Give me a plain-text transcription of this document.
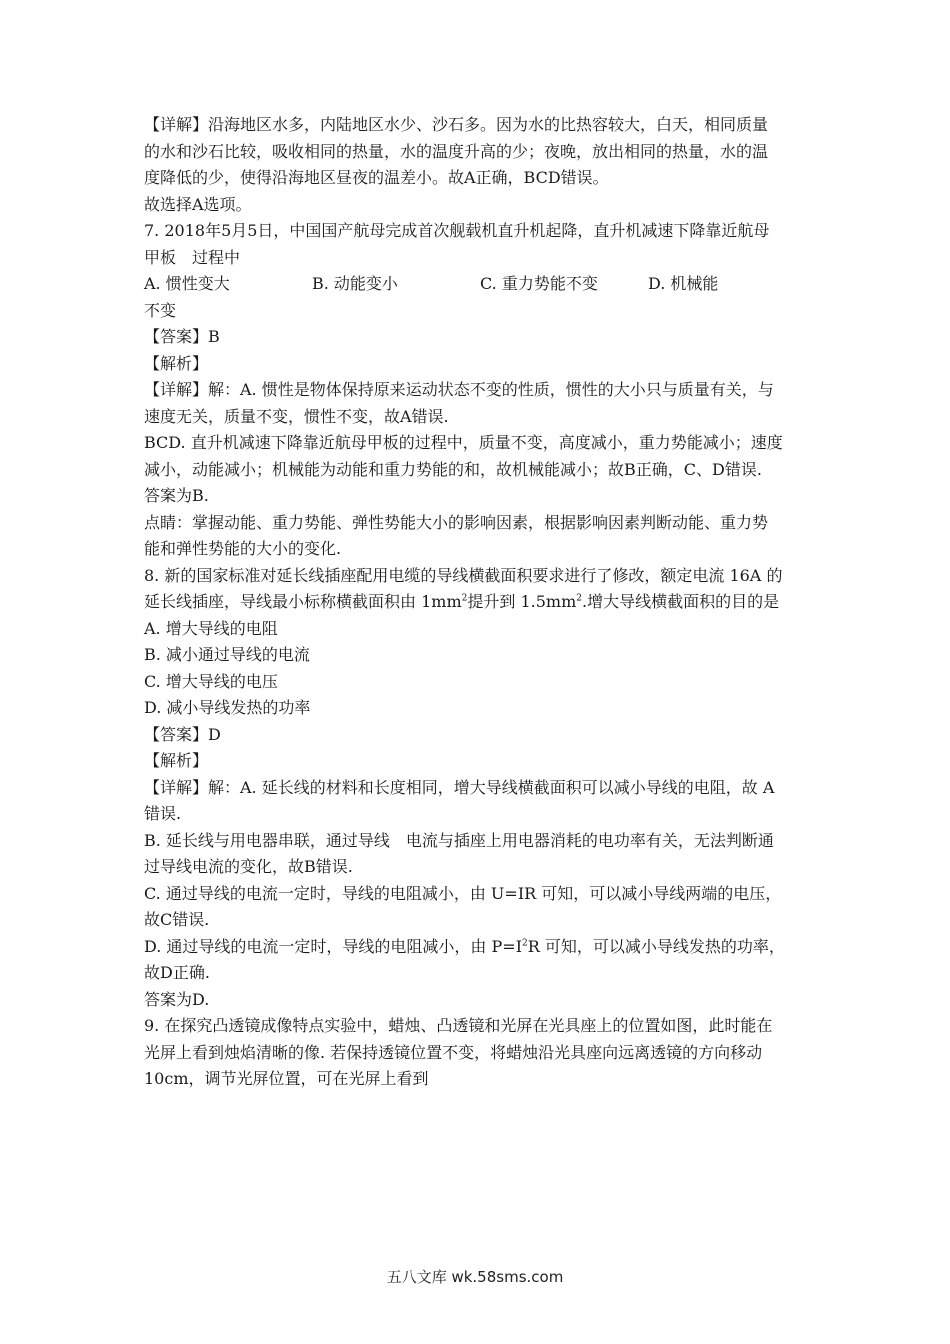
【详解】沿海地区水多，内陆地区水少、沙石多。因为水的比热容较大，白天，相同质量
的水和沙石比较，吸收相同的热量，水的温度升高的少；夜晚，放出相同的热量，水的温
度降低的少，使得沿海地区昼夜的温差小。故A正确，BCD错误。
故选择A选项。
7. 2018年5月5日，中国国产航母完成首次舰载机直升机起降，直升机减速下降靠近航母
甲板　过程中
A. 惯性变大	B. 动能变小	C. 重力势能不变	D. 机械能
不变
【答案】B
【解析】
【详解】解：A. 惯性是物体保持原来运动状态不变的性质，惯性的大小只与质量有关，与
速度无关，质量不变，惯性不变，故A错误.
BCD. 直升机减速下降靠近航母甲板的过程中，质量不变，高度减小，重力势能减小；速度
减小，动能减小；机械能为动能和重力势能的和，故机械能减小；故B正确，C、D错误.
答案为B.
点睛：掌握动能、重力势能、弹性势能大小的影响因素，根据影响因素判断动能、重力势
能和弹性势能的大小的变化.
8. 新的国家标准对延长线插座配用电缆的导线横截面积要求进行了修改，额定电流 16A 的
延长线插座，导线最小标称横截面积由 $1mm^2$提升到 $1.5mm^2$.增大导线横截面积的目的是
A. 增大导线的电阻
B. 减小通过导线的电流
C. 增大导线的电压
D. 减小导线发热的功率
【答案】D
【解析】
【详解】解：A. 延长线的材料和长度相同，增大导线横截面积可以减小导线的电阻，故 A
错误.
B. 延长线与用电器串联，通过导线　电流与插座上用电器消耗的电功率有关，无法判断通
过导线电流的变化，故B错误.
C. 通过导线的电流一定时，导线的电阻减小，由 U=IR 可知，可以减小导线两端的电压，
故C错误.
D. 通过导线的电流一定时，导线的电阻减小，由 $P=I^2R$ 可知，可以减小导线发热的功率，
故D正确.
答案为D.
9. 在探究凸透镜成像特点实验中，蜡烛、凸透镜和光屏在光具座上的位置如图，此时能在
光屏上看到烛焰清晰的像. 若保持透镜位置不变，将蜡烛沿光具座向远离透镜的方向移动
10cm，调节光屏位置，可在光屏上看到
五八文库 wk.58sms.com
